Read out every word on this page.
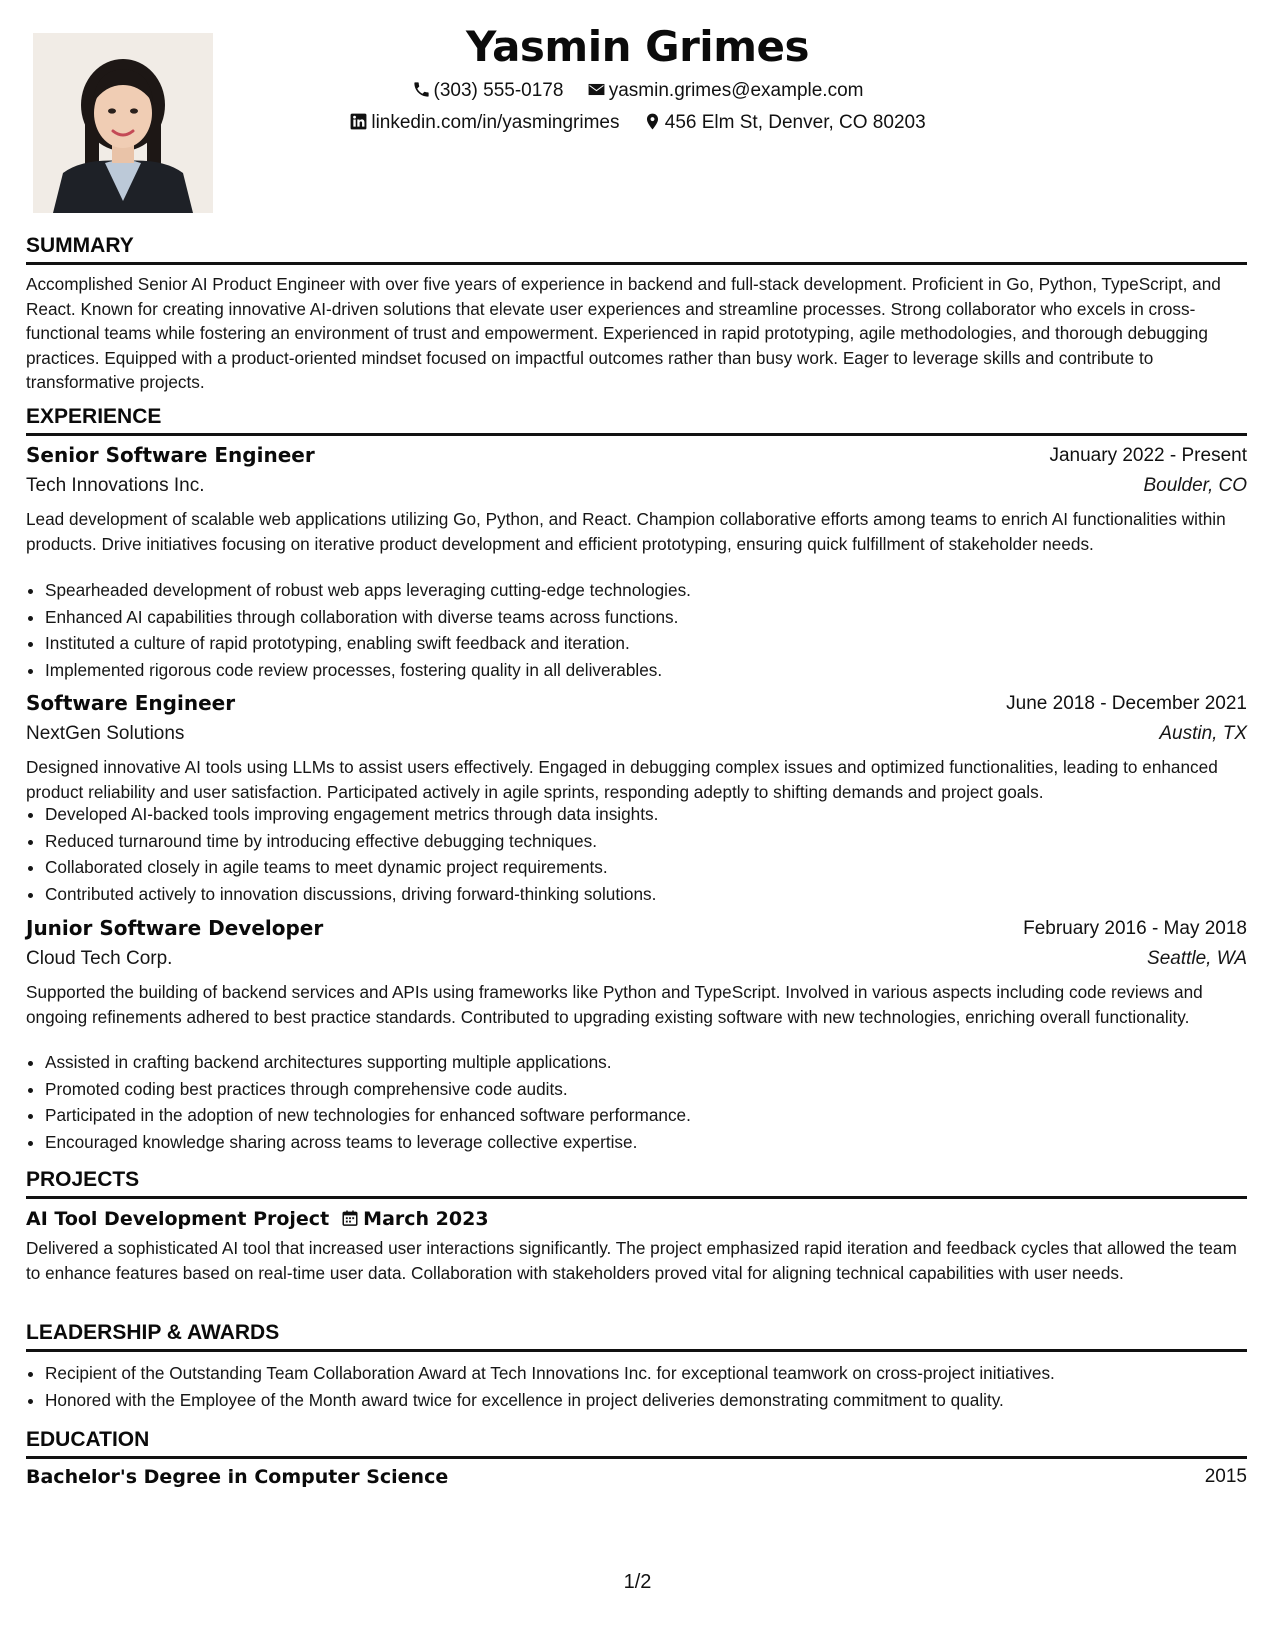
Yasmin Grimes
(303) 555-0178 yasmin.grimes@example.com
linkedin.com/in/yasmingrimes 456 Elm St, Denver, CO 80203
SUMMARY

Accomplished Senior AI Product Engineer with over five years of experience in backend and full-stack development. Proficient in Go, Python, TypeScript, and React. Known for creating innovative AI-driven solutions that elevate user experiences and streamline processes. Strong collaborator who excels in cross-functional teams while fostering an environment of trust and empowerment. Experienced in rapid prototyping, agile methodologies, and thorough debugging practices. Equipped with a product-oriented mindset focused on impactful outcomes rather than busy work. Eager to leverage skills and contribute to transformative projects.

EXPERIENCE
Senior Software Engineer	January 2022 - Present
Tech Innovations Inc.	Boulder, CO

Lead development of scalable web applications utilizing Go, Python, and React. Champion collaborative efforts among teams to enrich AI functionalities within products. Drive initiatives focusing on iterative product development and efficient prototyping, ensuring quick fulfillment of stakeholder needs.

• Spearheaded development of robust web apps leveraging cutting-edge technologies.
• Enhanced AI capabilities through collaboration with diverse teams across functions.
• Instituted a culture of rapid prototyping, enabling swift feedback and iteration.
• Implemented rigorous code review processes, fostering quality in all deliverables.
Software Engineer	June 2018 - December 2021
NextGen Solutions	Austin, TX

Designed innovative AI tools using LLMs to assist users effectively. Engaged in debugging complex issues and optimized functionalities, leading to enhanced product reliability and user satisfaction. Participated actively in agile sprints, responding adeptly to shifting demands and project goals.

• Developed AI-backed tools improving engagement metrics through data insights.
• Reduced turnaround time by introducing effective debugging techniques.
• Collaborated closely in agile teams to meet dynamic project requirements.
• Contributed actively to innovation discussions, driving forward-thinking solutions.
Junior Software Developer	February 2016 - May 2018
Cloud Tech Corp.	Seattle, WA

Supported the building of backend services and APIs using frameworks like Python and TypeScript. Involved in various aspects including code reviews and ongoing refinements adhered to best practice standards. Contributed to upgrading existing software with new technologies, enriching overall functionality.

• Assisted in crafting backend architectures supporting multiple applications.
• Promoted coding best practices through comprehensive code audits.
• Participated in the adoption of new technologies for enhanced software performance.
• Encouraged knowledge sharing across teams to leverage collective expertise.
PROJECTS
AI Tool Development Project March 2023

Delivered a sophisticated AI tool that increased user interactions significantly. The project emphasized rapid iteration and feedback cycles that allowed the team to enhance features based on real-time user data. Collaboration with stakeholders proved vital for aligning technical capabilities with user needs.

LEADERSHIP & AWARDS
• Recipient of the Outstanding Team Collaboration Award at Tech Innovations Inc. for exceptional teamwork on cross-project initiatives.
• Honored with the Employee of the Month award twice for excellence in project deliveries demonstrating commitment to quality.
EDUCATION
Bachelor's Degree in Computer Science	2015
1/2
